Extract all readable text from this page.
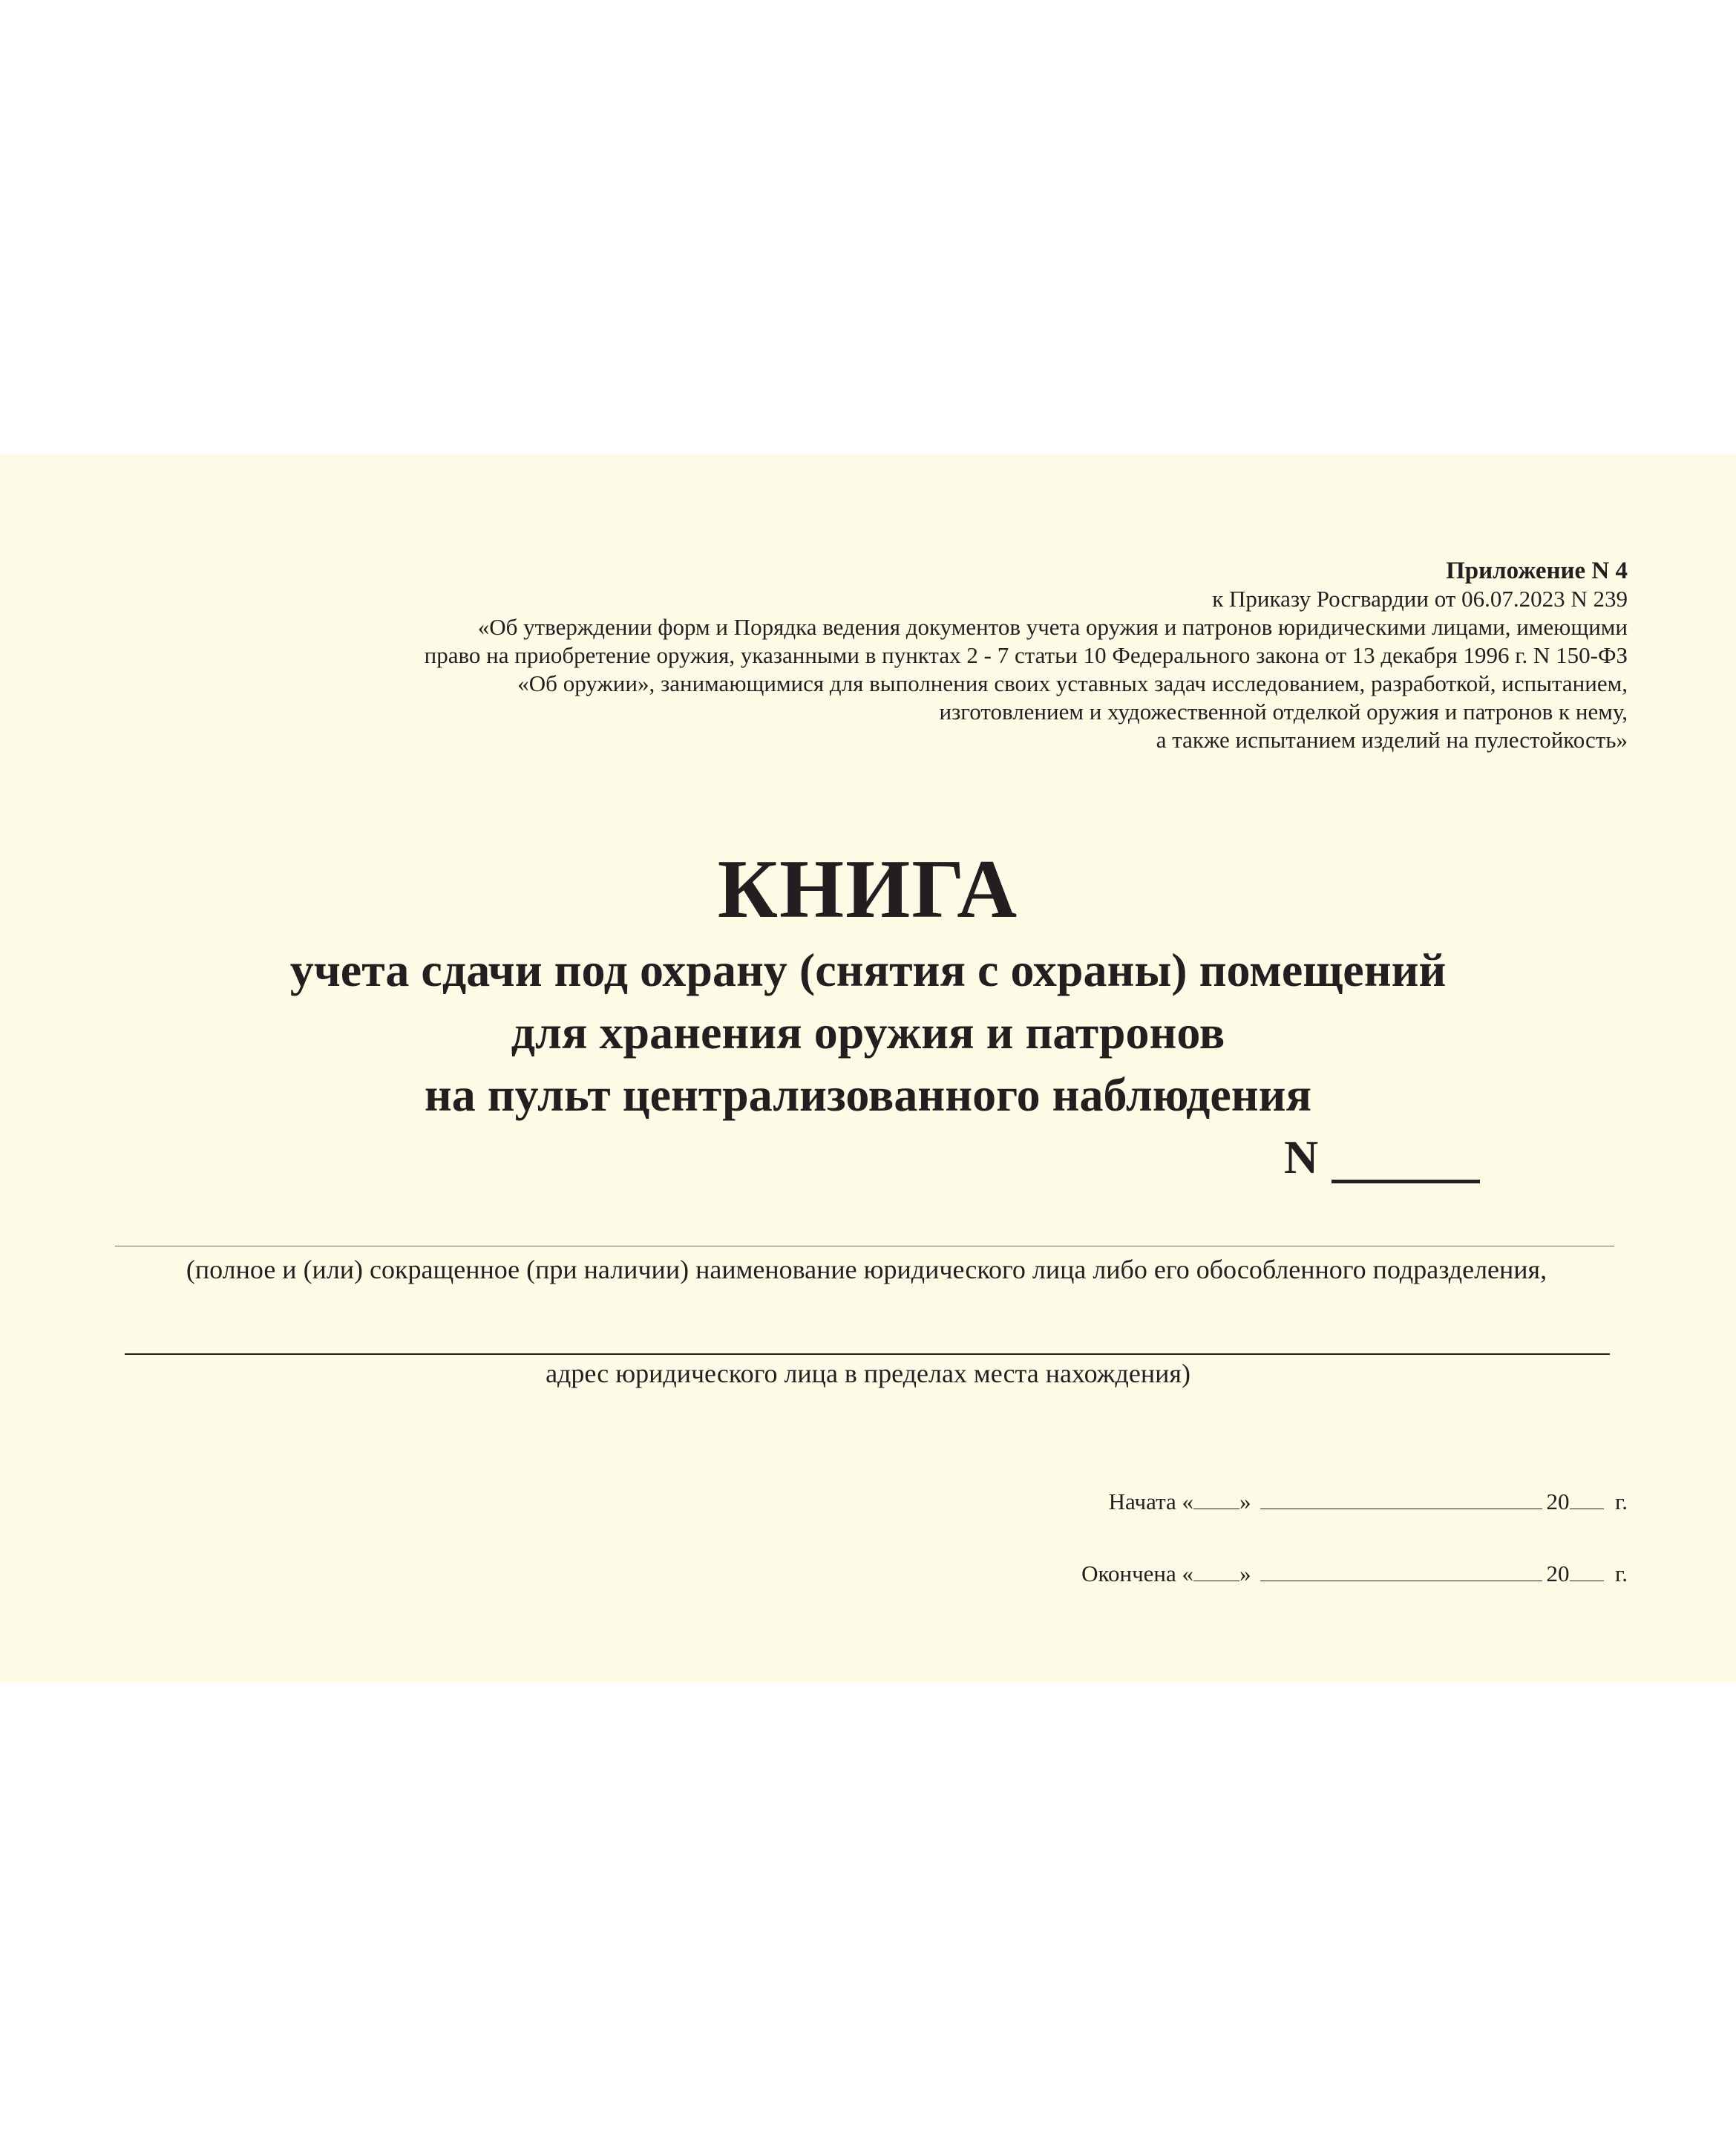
Приложение N 4
к Приказу Росгвардии от 06.07.2023 N 239
«Об утверждении форм и Порядка ведения документов учета оружия и патронов юридическими лицами, имеющими
право на приобретение оружия, указанными в пунктах 2 - 7 статьи 10 Федерального закона от 13 декабря 1996 г. N 150-ФЗ
«Об оружии», занимающимися для выполнения своих уставных задач исследованием, разработкой, испытанием,
изготовлением и художественной отделкой оружия и патронов к нему,
а также испытанием изделий на пулестойкость»
КНИГА
учета сдачи под охрану (снятия с охраны) помещений
для хранения оружия и патронов
на пульт централизованного наблюдения
N
(полное и (или) сокращенное (при наличии) наименование юридического лица либо его обособленного подразделения,
адрес юридического лица в пределах места нахождения)
Начата « »	20 г.
Окончена « »	20 г.
